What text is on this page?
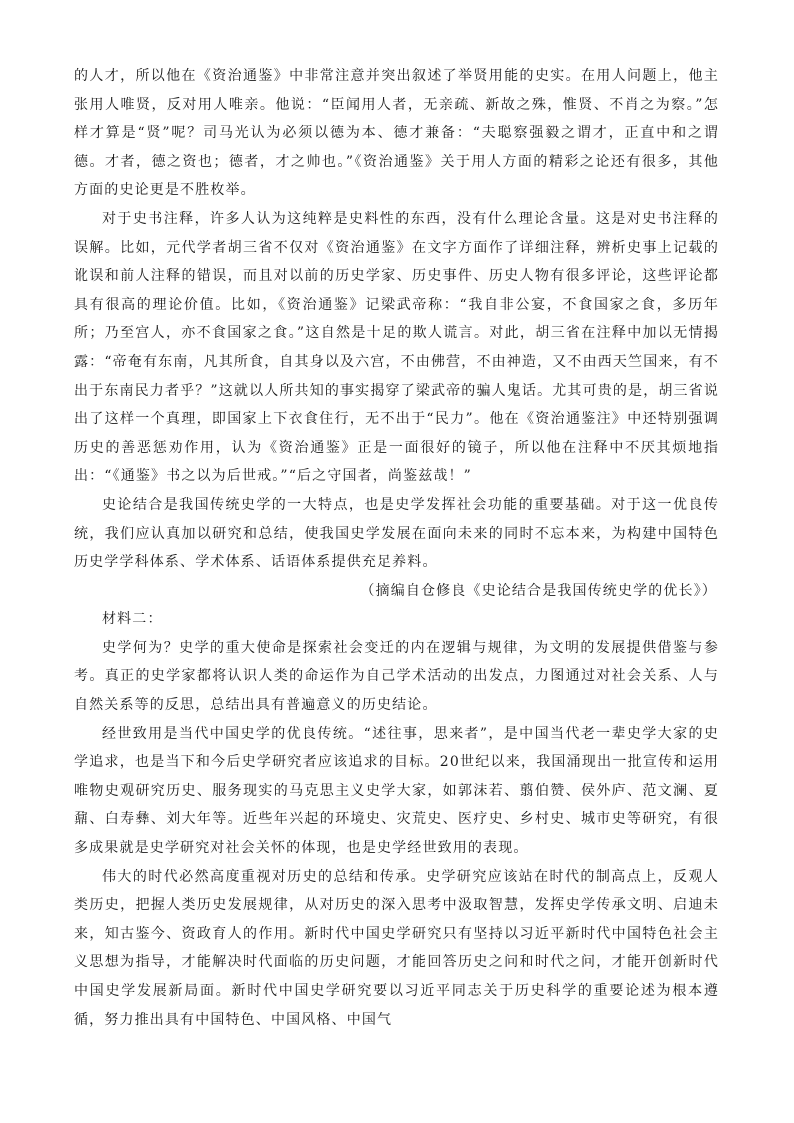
的人才，所以他在《资治通鉴》中非常注意并突出叙述了举贤用能的史实。在用人问题上，他主张用人唯贤，反对用人唯亲。他说：“臣闻用人者，无亲疏、新故之殊，惟贤、不肖之为察。”怎样才算是“贤”呢？司马光认为必须以德为本、德才兼备：“夫聪察强毅之谓才，正直中和之谓德。才者，德之资也；德者，才之帅也。”《资治通鉴》关于用人方面的精彩之论还有很多，其他方面的史论更是不胜枚举。

对于史书注释，许多人认为这纯粹是史料性的东西，没有什么理论含量。这是对史书注释的误解。比如，元代学者胡三省不仅对《资治通鉴》在文字方面作了详细注释，辨析史事上记载的讹误和前人注释的错误，而且对以前的历史学家、历史事件、历史人物有很多评论，这些评论都具有很高的理论价值。比如，《资治通鉴》记梁武帝称：“我自非公宴，不食国家之食，多历年所；乃至宫人，亦不食国家之食。”这自然是十足的欺人谎言。对此，胡三省在注释中加以无情揭露：“帝奄有东南，凡其所食，自其身以及六宫，不由佛营，不由神造，又不由西天竺国来，有不出于东南民力者乎？”这就以人所共知的事实揭穿了梁武帝的骗人鬼话。尤其可贵的是，胡三省说出了这样一个真理，即国家上下衣食住行，无不出于“民力”。他在《资治通鉴注》中还特别强调历史的善恶惩劝作用，认为《资治通鉴》正是一面很好的镜子，所以他在注释中不厌其烦地指出：“《通鉴》书之以为后世戒。”“后之守国者，尚鉴兹哉！”

史论结合是我国传统史学的一大特点，也是史学发挥社会功能的重要基础。对于这一优良传统，我们应认真加以研究和总结，使我国史学发展在面向未来的同时不忘本来，为构建中国特色历史学学科体系、学术体系、话语体系提供充足养料。

（摘编自仓修良《史论结合是我国传统史学的优长》）

材料二：

史学何为？史学的重大使命是探索社会变迁的内在逻辑与规律，为文明的发展提供借鉴与参考。真正的史学家都将认识人类的命运作为自己学术活动的出发点，力图通过对社会关系、人与自然关系等的反思，总结出具有普遍意义的历史结论。

经世致用是当代中国史学的优良传统。“述往事，思来者”，是中国当代老一辈史学大家的史学追求，也是当下和今后史学研究者应该追求的目标。20世纪以来，我国涌现出一批宣传和运用唯物史观研究历史、服务现实的马克思主义史学大家，如郭沫若、翦伯赞、侯外庐、范文澜、夏鼐、白寿彝、刘大年等。近些年兴起的环境史、灾荒史、医疗史、乡村史、城市史等研究，有很多成果就是史学研究对社会关怀的体现，也是史学经世致用的表现。

伟大的时代必然高度重视对历史的总结和传承。史学研究应该站在时代的制高点上，反观人类历史，把握人类历史发展规律，从对历史的深入思考中汲取智慧，发挥史学传承文明、启迪未来，知古鉴今、资政育人的作用。新时代中国史学研究只有坚持以习近平新时代中国特色社会主义思想为指导，才能解决时代面临的历史问题，才能回答历史之问和时代之问，才能开创新时代中国史学发展新局面。新时代中国史学研究要以习近平同志关于历史科学的重要论述为根本遵循，努力推出具有中国特色、中国风格、中国气
